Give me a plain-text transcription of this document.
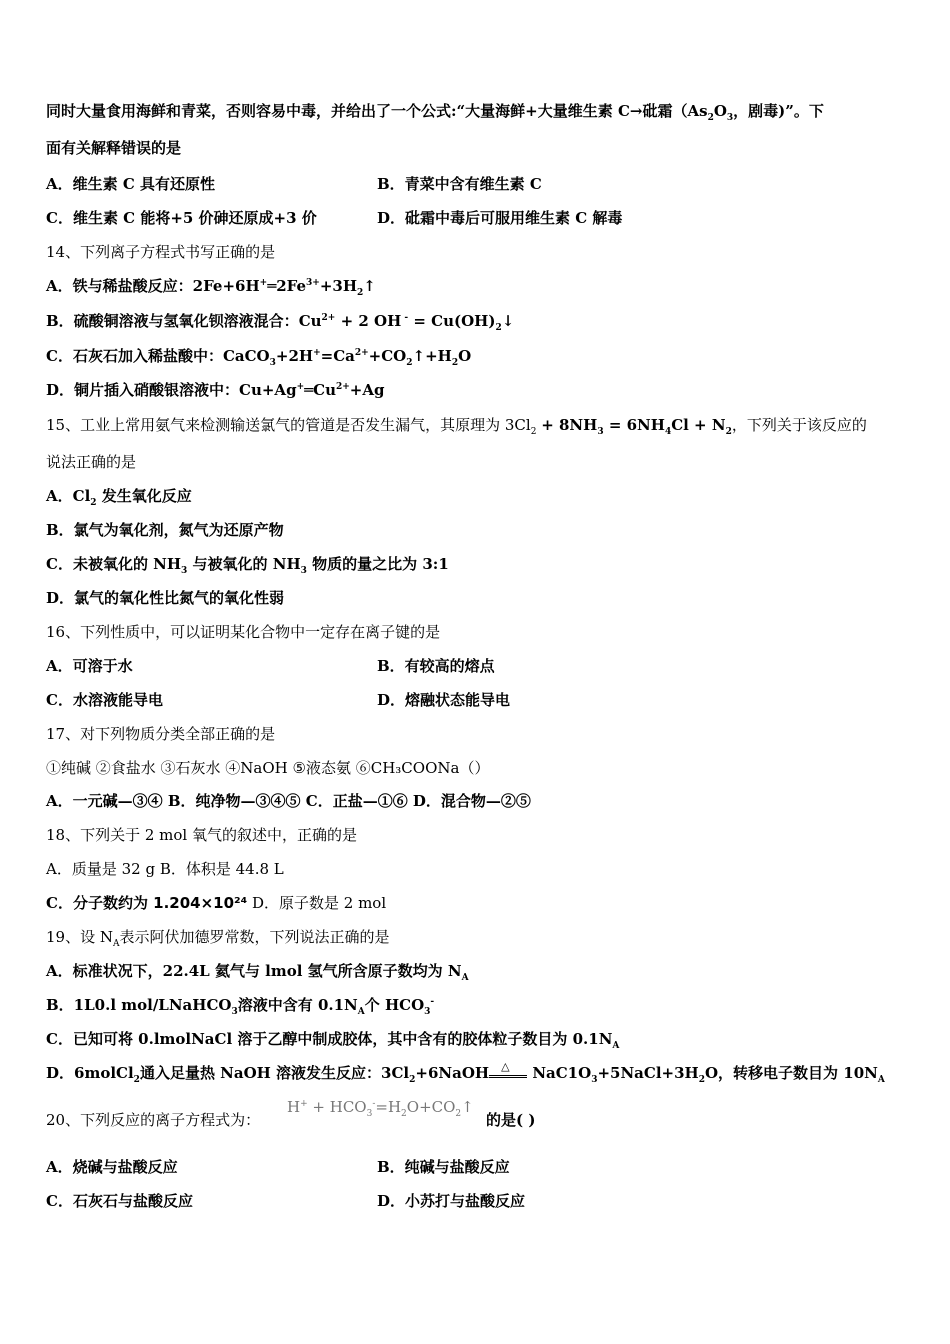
同时大量食用海鲜和青菜，否则容易中毒，并给出了一个公式:“大量海鲜+大量维生素 C→砒霜（$As_2O_3$，剧毒)”。下
面有关解释错误的是
A．维生素 C 具有还原性	B．青菜中含有维生素 C
C．维生素 C 能将+5 价砷还原成+3 价	D．砒霜中毒后可服用维生素 C 解毒
14、下列离子方程式书写正确的是
A．铁与稀盐酸反应：$2Fe+6H^+═2Fe^{3+}+3H_2↑$
B．硫酸铜溶液与氢氧化钡溶液混合：$Cu^{2+} + 2$ OH $^- = Cu(OH)_2↓$
C．石灰石加入稀盐酸中：$CaCO_3+2H^+=Ca^{2+}+CO_2↑+H_2O$
D．铜片插入硝酸银溶液中：$Cu+Ag^+═Cu^{2+}+Ag$
15、工业上常用氨气来检测输送氯气的管道是否发生漏气，其原理为 $3Cl_2 + 8NH_3 = 6NH_4Cl + N_2$，下列关于该反应的
说法正确的是
A．$Cl_2$ 发生氧化反应
B．氯气为氧化剂，氮气为还原产物
C．未被氧化的 $NH_3$ 与被氧化的 $NH_3$ 物质的量之比为 3:1
D．氯气的氧化性比氮气的氧化性弱
16、下列性质中，可以证明某化合物中一定存在离子键的是
A．可溶于水	B．有较高的熔点
C．水溶液能导电	D．熔融状态能导电
17、对下列物质分类全部正确的是
①纯碱 ②食盐水 ③石灰水 ④NaOH ⑤液态氨 ⑥CH₃COONa（）
A．一元碱—③④ B．纯净物—③④⑤ C．正盐—①⑥ D．混合物—②⑤
18、下列关于 2 mol 氧气的叙述中，正确的是
A．质量是 32 g B．体积是 44.8 L
C．分子数约为 1.204×10²⁴ D．原子数是 2 mol
19、设 $N_A$表示阿伏加德罗常数，下列说法正确的是
A．标准状况下，22.4L 氦气与 lmol 氢气所含原子数均为 $N_A$
B．1L0.l mol/LNaHCO$_3$溶液中含有 $0.1N_A$个 $HCO_3^-$
C．已知可将 0.lmolNaCl 溶于乙醇中制成胶体，其中含有的胶体粒子数目为 $0.1N_A$
D．6molCl$_2$通入足量热 NaOH 溶液发生反应：$3Cl_2+6NaOH$ △ $NaC1O_3+5NaCl+3H_2O$，转移电子数目为 $10N_A$
$H^+ + HCO_3^-=H_2O+CO_2↑$
20、下列反应的离子方程式为：	的是( )
A．烧碱与盐酸反应	B．纯碱与盐酸反应
C．石灰石与盐酸反应	D．小苏打与盐酸反应
